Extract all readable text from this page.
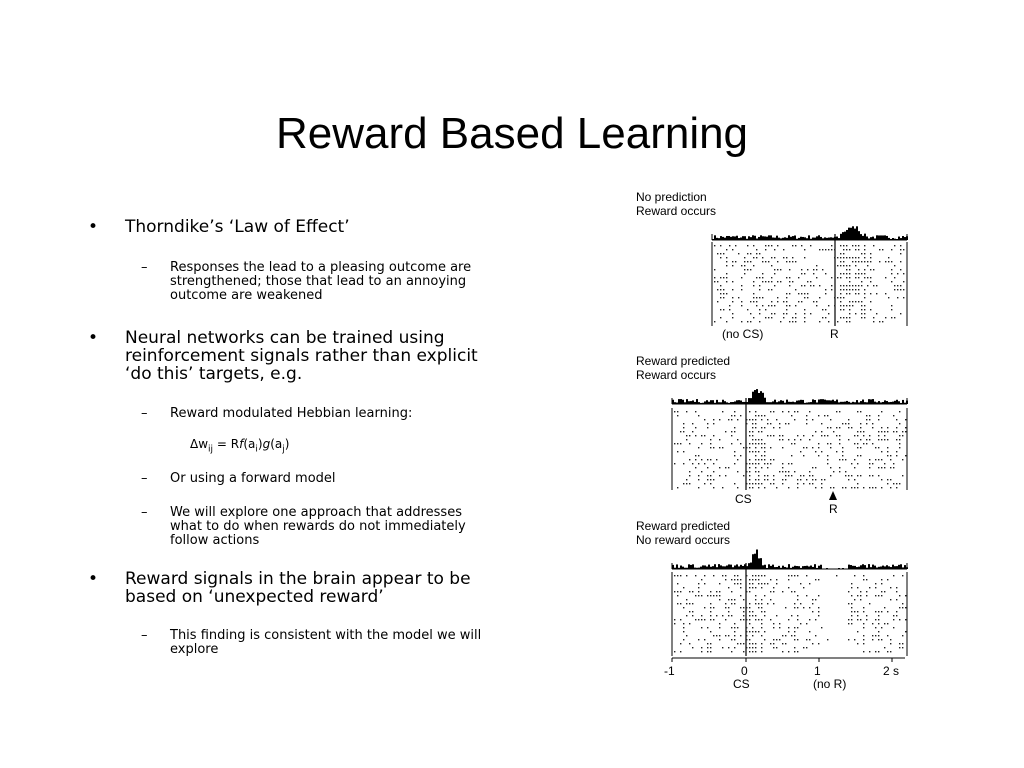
Reward Based Learning
• Thorndike’s ‘Law of Effect’
– Responses the lead to a pleasing outcome are strengthened; those that lead to an annoying outcome are weakened
• Neural networks can be trained using reinforcement signals rather than explicit ‘do this’ targets, e.g.
– Reward modulated Hebbian learning:
$\Delta w_{ij} = Rf(a_i)g(a_j)$
– Or using a forward model
– We will explore one approach that addresses what to do when rewards do not immediately follow actions
• Reward signals in the brain appear to be based on ‘unexpected reward’
– This finding is consistent with the model we will explore
No prediction
Reward occurs
Reward predicted
Reward occurs
Reward predicted
No reward occurs
(no CS)	R
CS
R
-1	0	1	2 s
CS	(no R)
